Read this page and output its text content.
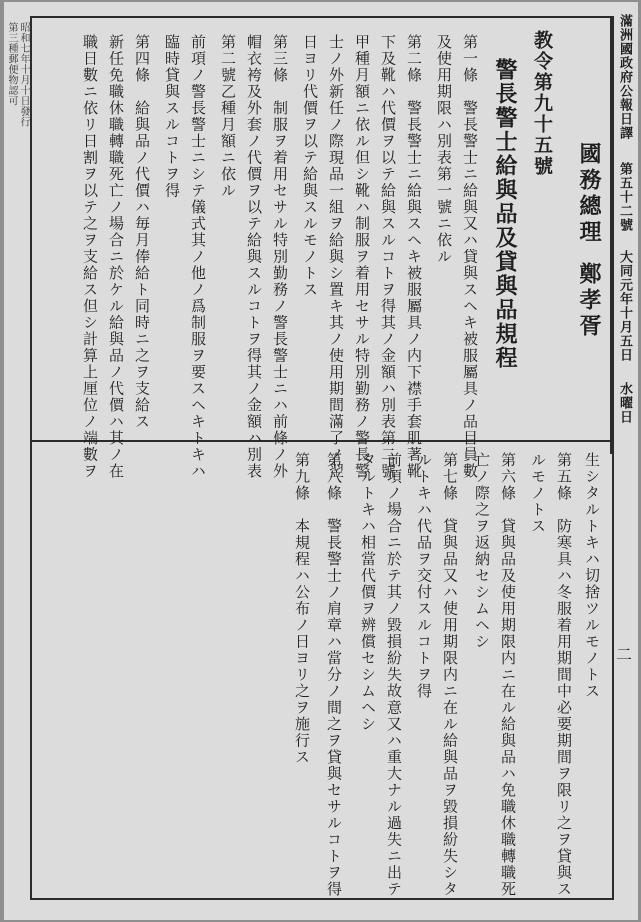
滿洲國政府公報日譯
第五十二號
大同元年十月五日
水曜日
國務總理
鄭孝胥
教令第九十五號
警長警士給與品及貸與品規程
第一條　警長警士ニ給與又ハ貸與スヘキ被服屬具ノ品目員數
及使用期限ハ別表第一號ニ依ル
第二條　警長警士ニ給與スヘキ被服屬具ノ内下襟手套肌著靴
下及靴ハ代價ヲ以テ給與スルコトヲ得其ノ金額ハ別表第二號
甲種月額ニ依ル但シ靴ハ制服ヲ着用セサル特別勤務ノ警長警
士ノ外新任ノ際現品一組ヲ給與シ置キ其ノ使用期間滿了ノ翌
日ヨリ代價ヲ以テ給與スルモノトス
第三條　制服ヲ着用セサル特別勤務ノ警長警士ニハ前條ノ外
帽衣袴及外套ノ代價ヲ以テ給與スルコトヲ得其ノ金額ハ別表
第二號乙種月額ニ依ル
前項ノ警長警士ニシテ儀式其ノ他ノ爲制服ヲ要スヘキトキハ
臨時貸與スルコトヲ得
第四條　給與品ノ代價ハ毎月俸給ト同時ニ之ヲ支給ス
新任免職休職轉職死亡ノ場合ニ於ケル給與品ノ代價ハ其ノ在
職日數ニ依リ日割ヲ以テ之ヲ支給ス但シ計算上厘位ノ端數ヲ
昭和七年十月十日發行
第三種郵便物認可
生シタルトキハ切捨ツルモノトス
第五條　防寒具ハ冬服着用期間中必要期間ヲ限リ之ヲ貸與ス
ルモノトス
第六條　貸與品及使用期限内ニ在ル給與品ハ免職休職轉職死
亡ノ際之ヲ返納セシムヘシ
第七條　貸與品又ハ使用期限内ニ在ル給與品ヲ毀損紛失シタ
ルトキハ代品ヲ交付スルコトヲ得
前項ノ場合ニ於テ其ノ毀損紛失故意又ハ重大ナル過失ニ出テ
タルトキハ相當代價ヲ辨償セシムヘシ
第八條　警長警士ノ肩章ハ當分ノ間之ヲ貸與セサルコトヲ得
第九條　本規程ハ公布ノ日ヨリ之ヲ施行ス	二
